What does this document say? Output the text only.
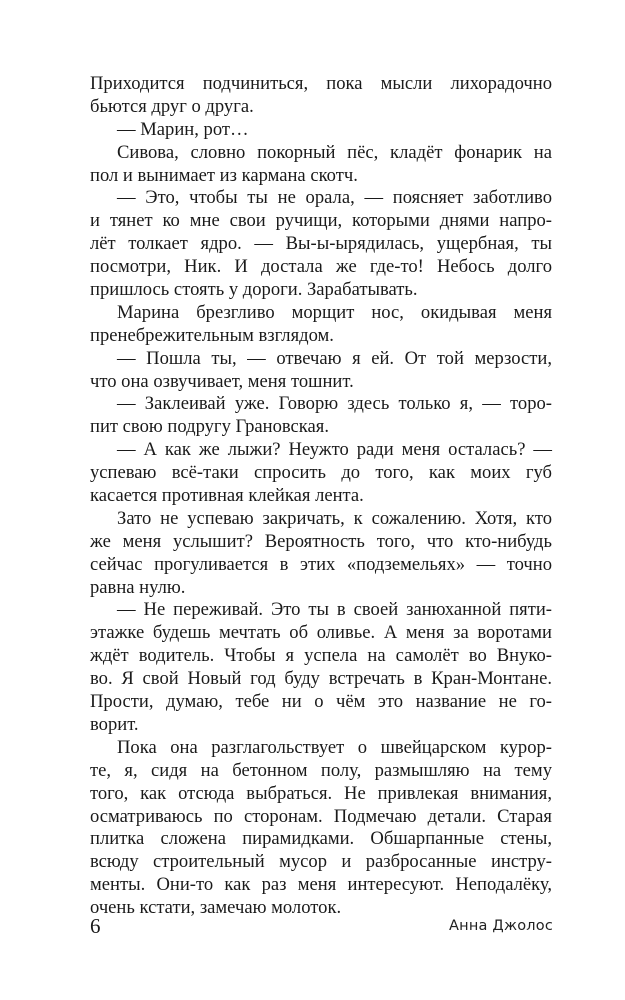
Приходится подчиниться, пока мысли лихорадочно
бьются друг о друга.
— Марин, рот…
Сивова, словно покорный пёс, кладёт фонарик на
пол и вынимает из кармана скотч.
— Это, чтобы ты не орала, — поясняет заботливо
и тянет ко мне свои ручищи, которыми днями напро-
лёт толкает ядро. — Вы-ы-ырядилась, ущербная, ты
посмотри, Ник. И достала же где-то! Небось долго
пришлось стоять у дороги. Зарабатывать.
Марина брезгливо морщит нос, окидывая меня
пренебрежительным взглядом.
— Пошла ты, — отвечаю я ей. От той мерзости,
что она озвучивает, меня тошнит.
— Заклеивай уже. Говорю здесь только я, — торо-
пит свою подругу Грановская.
— А как же лыжи? Неужто ради меня осталась? —
успеваю всё-таки спросить до того, как моих губ
касается противная клейкая лента.
Зато не успеваю закричать, к сожалению. Хотя, кто
же меня услышит? Вероятность того, что кто-нибудь
сейчас прогуливается в этих «подземельях» — точно
равна нулю.
— Не переживай. Это ты в своей занюханной пяти-
этажке будешь мечтать об оливье. А меня за воротами
ждёт водитель. Чтобы я успела на самолёт во Внуко-
во. Я свой Новый год буду встречать в Кран-Монтане.
Прости, думаю, тебе ни о чём это название не го-
ворит.
Пока она разглагольствует о швейцарском курор-
те, я, сидя на бетонном полу, размышляю на тему
того, как отсюда выбраться. Не привлекая внимания,
осматриваюсь по сторонам. Подмечаю детали. Старая
плитка сложена пирамидками. Обшарпанные стены,
всюду строительный мусор и разбросанные инстру-
менты. Они-то как раз меня интересуют. Неподалёку,
очень кстати, замечаю молоток.
6	Анна Джолос
